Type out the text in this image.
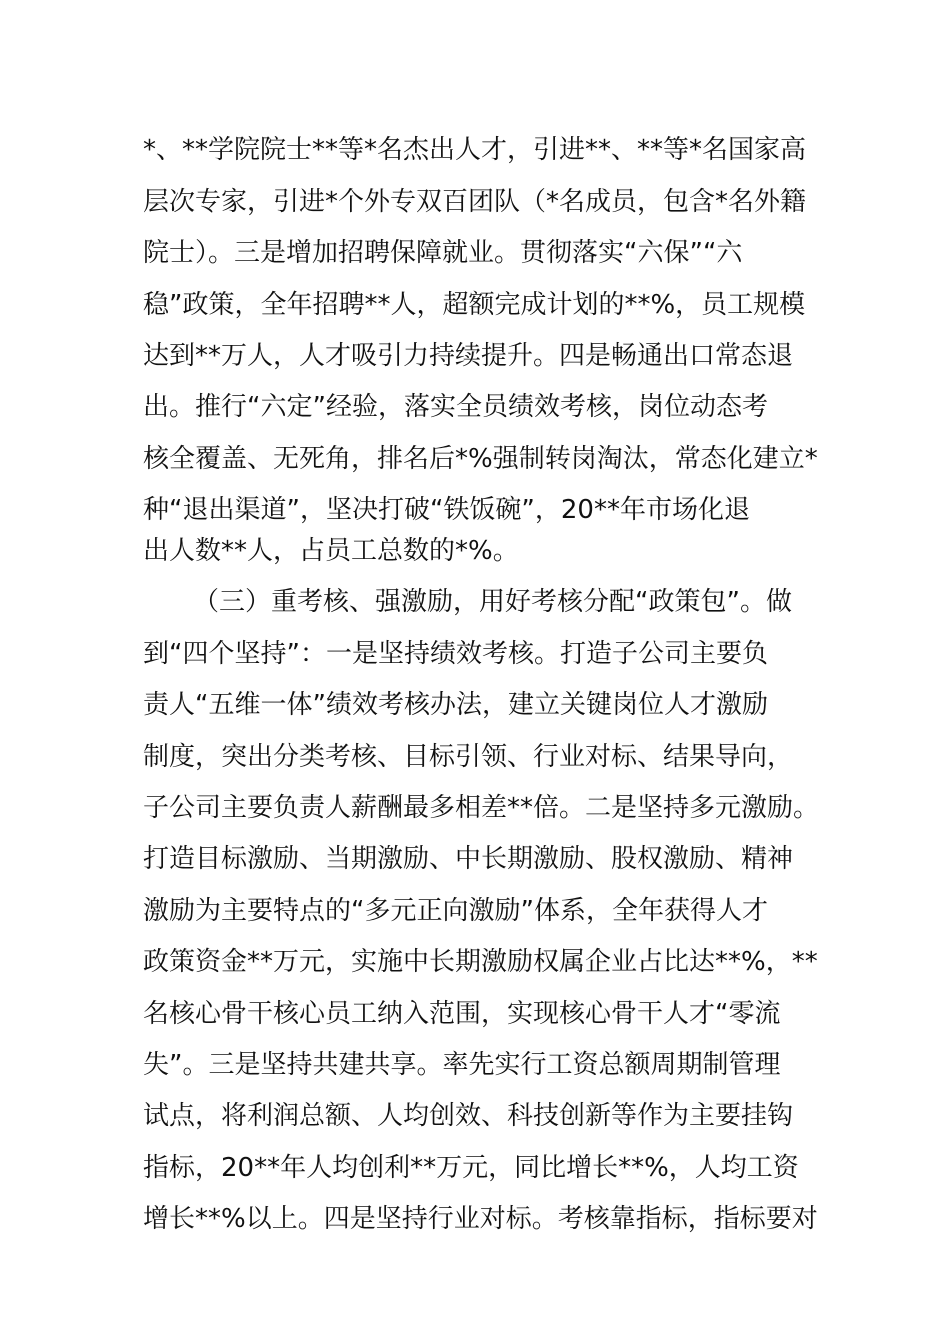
*、**学院院士**等*名杰出人才，引进**、**等*名国家高
层次专家，引进*个外专双百团队（*名成员，包含*名外籍
院士）。三是增加招聘保障就业。贯彻落实“六保”“六
稳”政策，全年招聘**人，超额完成计划的**%，员工规模
达到**万人，人才吸引力持续提升。四是畅通出口常态退
出。推行“六定”经验，落实全员绩效考核，岗位动态考
核全覆盖、无死角，排名后*%强制转岗淘汰，常态化建立*
种“退出渠道”，坚决打破“铁饭碗”，20**年市场化退
出人数**人，占员工总数的*%。
（三）重考核、强激励，用好考核分配“政策包”。做
到“四个坚持”：一是坚持绩效考核。打造子公司主要负
责人“五维一体”绩效考核办法，建立关键岗位人才激励
制度，突出分类考核、目标引领、行业对标、结果导向，
子公司主要负责人薪酬最多相差**倍。二是坚持多元激励。
打造目标激励、当期激励、中长期激励、股权激励、精神
激励为主要特点的“多元正向激励”体系，全年获得人才
政策资金**万元，实施中长期激励权属企业占比达**%，**
名核心骨干核心员工纳入范围，实现核心骨干人才“零流
失”。三是坚持共建共享。率先实行工资总额周期制管理
试点，将利润总额、人均创效、科技创新等作为主要挂钩
指标，20**年人均创利**万元，同比增长**%，人均工资
增长**%以上。四是坚持行业对标。考核靠指标，指标要对
